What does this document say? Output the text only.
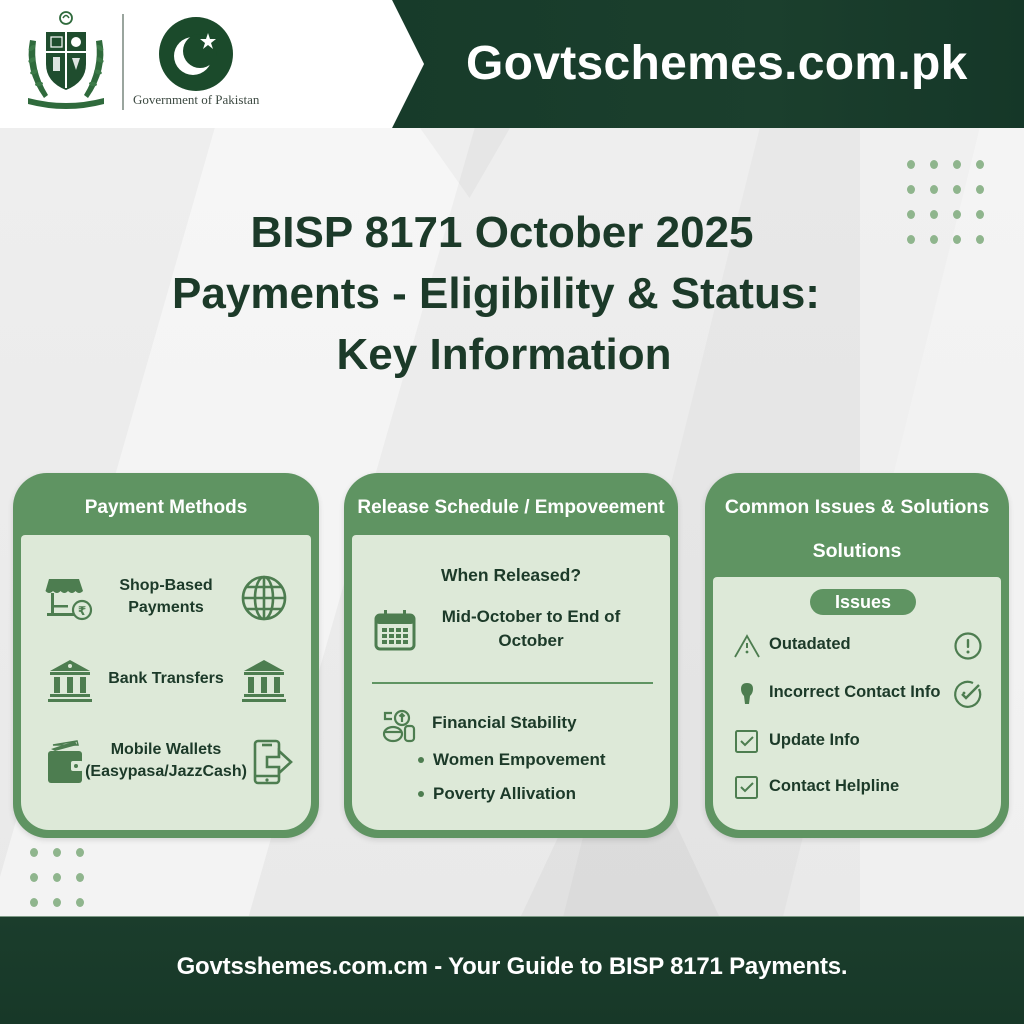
Government of Pakistan
Govtschemes.com.pk
BISP 8171 October 2025
Payments - Eligibility & Status:
Key Information
Payment Methods
₹
Shop-Based
Payments
Bank Transfers
Mobile Wallets
(Easypasa/JazzCash)
Release Schedule / Empoveement
When Released?
Mid-October to End of
October
Financial Stability
Women Empovement
Poverty Allivation
Common Issues & Solutions
Solutions
Issues
Outadated
Incorrect Contact Info
Update Info
Contact Helpline
Govtsshemes.com.cm - Your Guide to BISP 8171 Payments.
